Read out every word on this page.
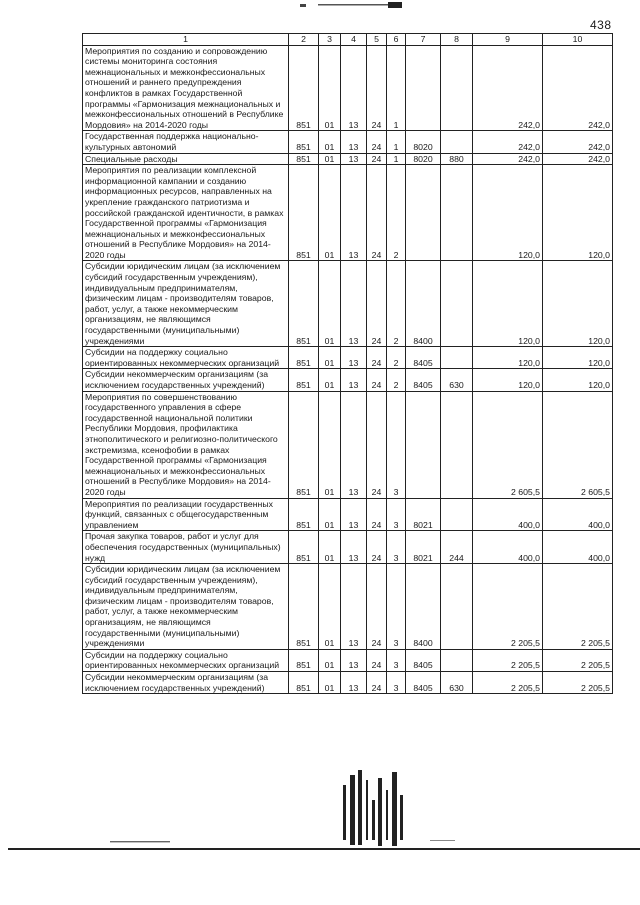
438
1	2	3	4	5	6	7	8	9	10
Мероприятия по созданию и сопровождению системы мониторинга состояния межнациональных и межконфессиональных отношений и раннего предупреждения конфликтов в рамках Государственной программы «Гармонизация межнациональных и межконфессиональных отношений в Республике Мордовия» на 2014-2020 годы	851	01	13	24	1			242,0	242,0
Государственная поддержка национально-культурных автономий	851	01	13	24	1	8020		242,0	242,0
Специальные расходы	851	01	13	24	1	8020	880	242,0	242,0
Мероприятия по реализации комплексной информационной кампании и созданию информационных ресурсов, направленных на укрепление гражданского патриотизма и российской гражданской идентичности, в рамках Государственной программы «Гармонизация межнациональных и межконфессиональных отношений в Республике Мордовия» на 2014-2020 годы	851	01	13	24	2			120,0	120,0
Субсидии юридическим лицам (за исключением субсидий государственным учреждениям), индивидуальным предпринимателям, физическим лицам - производителям товаров, работ, услуг, а также некоммерческим организациям, не являющимся государственными (муниципальными) учреждениями	851	01	13	24	2	8400		120,0	120,0
Субсидии на поддержку социально ориентированных некоммерческих организаций	851	01	13	24	2	8405		120,0	120,0
Субсидии некоммерческим организациям (за исключением государственных учреждений)	851	01	13	24	2	8405	630	120,0	120,0
Мероприятия по совершенствованию государственного управления в сфере государственной национальной политики Республики Мордовия, профилактика этнополитического и религиозно-политического экстремизма, ксенофобии в рамках Государственной программы «Гармонизация межнациональных и межконфессиональных отношений в Республике Мордовия» на 2014-2020 годы	851	01	13	24	3			2 605,5	2 605,5
Мероприятия по реализации государственных функций, связанных с общегосударственным управлением	851	01	13	24	3	8021		400,0	400,0
Прочая закупка товаров, работ и услуг для обеспечения государственных (муниципальных) нужд	851	01	13	24	3	8021	244	400,0	400,0
Субсидии юридическим лицам (за исключением субсидий государственным учреждениям), индивидуальным предпринимателям, физическим лицам - производителям товаров, работ, услуг, а также некоммерческим организациям, не являющимся государственными (муниципальными) учреждениями	851	01	13	24	3	8400		2 205,5	2 205,5
Субсидии на поддержку социально ориентированных некоммерческих организаций	851	01	13	24	3	8405		2 205,5	2 205,5
Субсидии некоммерческим организациям (за исключением государственных учреждений)	851	01	13	24	3	8405	630	2 205,5	2 205,5
